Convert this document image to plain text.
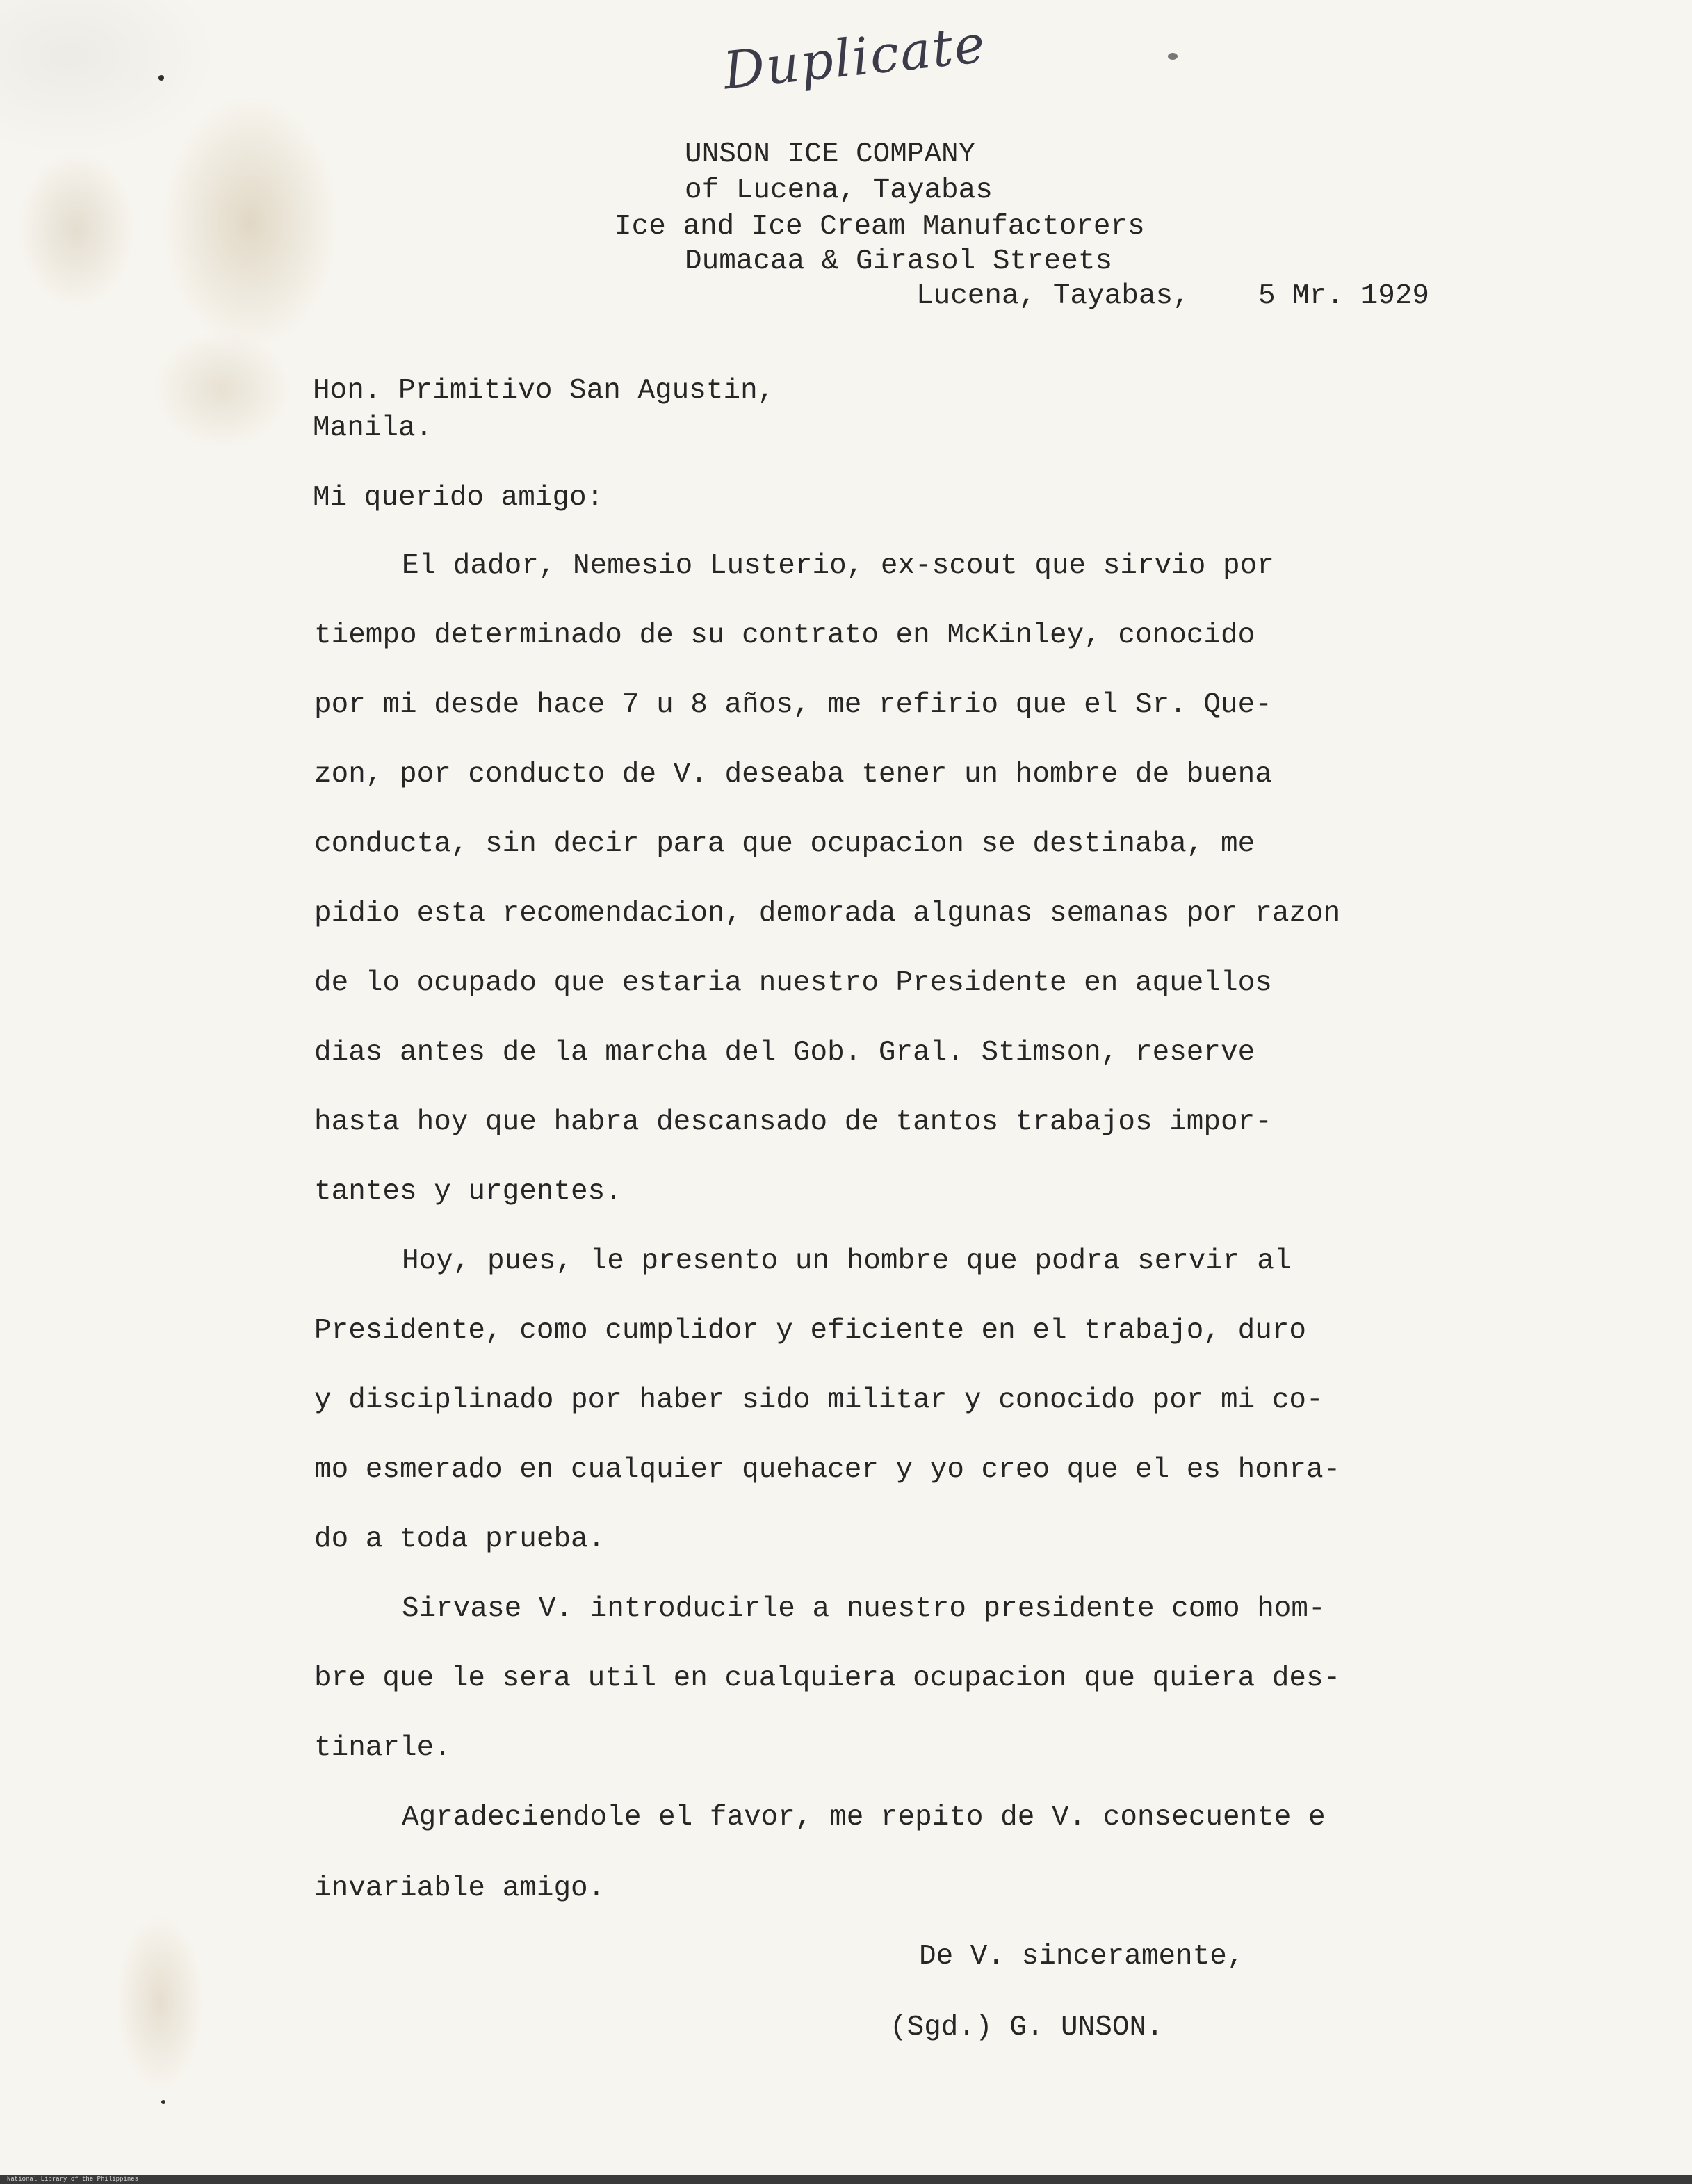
Duplicate
UNSON ICE COMPANY
of Lucena, Tayabas
Ice and Ice Cream Manufactorers
Dumacaa & Girasol Streets
Lucena, Tayabas, 5 Mr. 1929
Hon. Primitivo San Agustin,
Manila.
Mi querido amigo:
El dador, Nemesio Lusterio, ex-scout que sirvio por
tiempo determinado de su contrato en McKinley, conocido
por mi desde hace 7 u 8 años, me refirio que el Sr. Que-
zon, por conducto de V. deseaba tener un hombre de buena
conducta, sin decir para que ocupacion se destinaba, me
pidio esta recomendacion, demorada algunas semanas por razon
de lo ocupado que estaria nuestro Presidente en aquellos
dias antes de la marcha del Gob. Gral. Stimson, reserve
hasta hoy que habra descansado de tantos trabajos impor-
tantes y urgentes.
Hoy, pues, le presento un hombre que podra servir al
Presidente, como cumplidor y eficiente en el trabajo, duro
y disciplinado por haber sido militar y conocido por mi co-
mo esmerado en cualquier quehacer y yo creo que el es honra-
do a toda prueba.
Sirvase V. introducirle a nuestro presidente como hom-
bre que le sera util en cualquiera ocupacion que quiera des-
tinarle.
Agradeciendole el favor, me repito de V. consecuente e
invariable amigo.
De V. sinceramente,
(Sgd.) G. UNSON.
National Library of the Philippines
